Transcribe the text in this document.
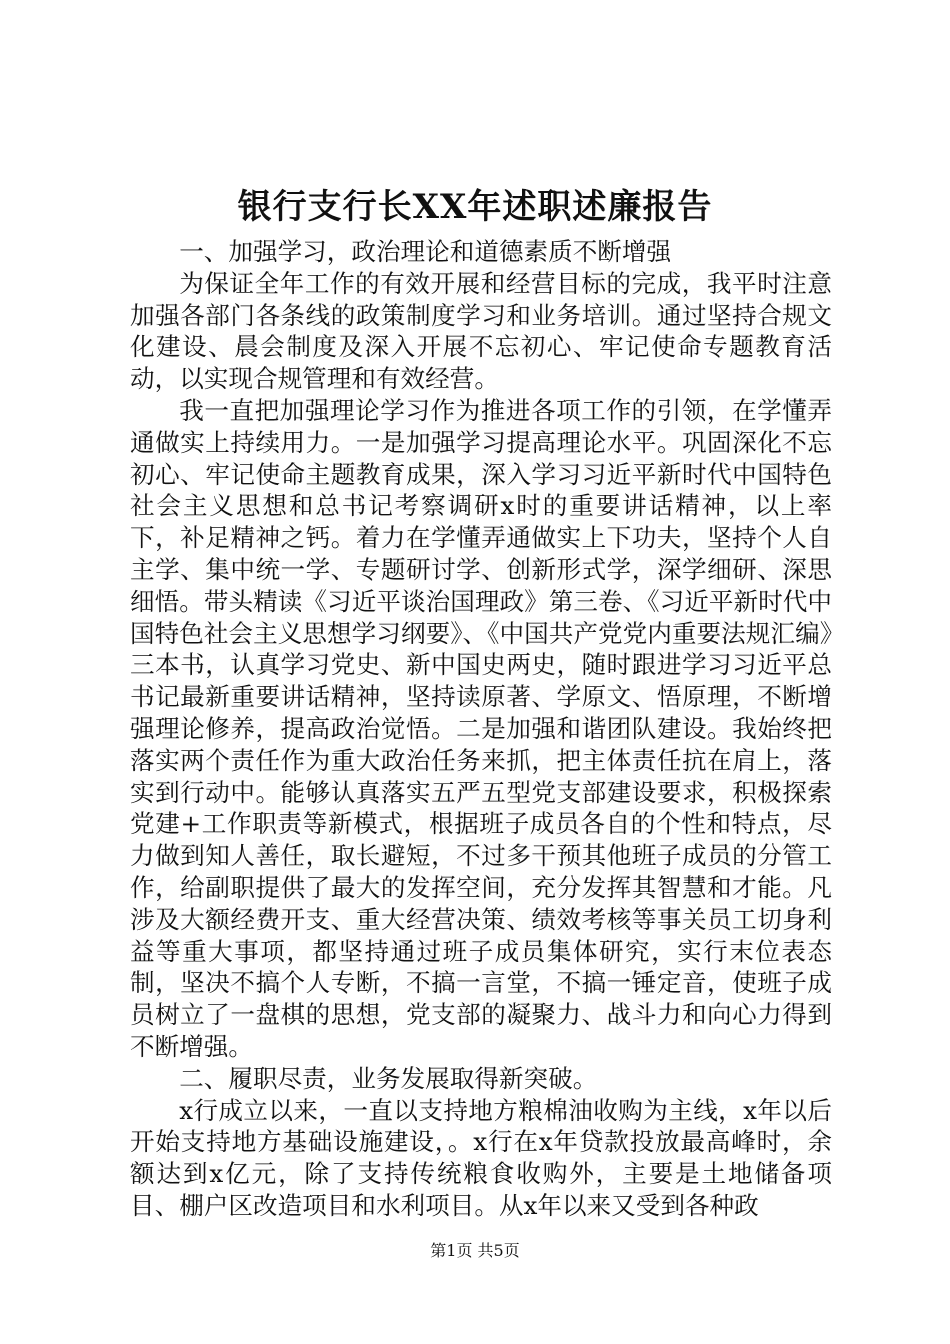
银行支行长XX年述职述廉报告

一、加强学习，政治理论和道德素质不断增强

为保证全年工作的有效开展和经营目标的完成，我平时注意加强各部门各条线的政策制度学习和业务培训。通过坚持合规文化建设、晨会制度及深入开展不忘初心、牢记使命专题教育活动，以实现合规管理和有效经营。

我一直把加强理论学习作为推进各项工作的引领，在学懂弄通做实上持续用力。一是加强学习提高理论水平。巩固深化不忘初心、牢记使命主题教育成果，深入学习习近平新时代中国特色社会主义思想和总书记考察调研x时的重要讲话精神，以上率下，补足精神之钙。着力在学懂弄通做实上下功夫，坚持个人自主学、集中统一学、专题研讨学、创新形式学，深学细研、深思细悟。带头精读《习近平谈治国理政》第三卷、《习近平新时代中国特色社会主义思想学习纲要》、《中国共产党党内重要法规汇编》三本书，认真学习党史、新中国史两史，随时跟进学习习近平总书记最新重要讲话精神，坚持读原著、学原文、悟原理，不断增强理论修养，提高政治觉悟。二是加强和谐团队建设。我始终把落实两个责任作为重大政治任务来抓，把主体责任抗在肩上，落实到行动中。能够认真落实五严五型党支部建设要求，积极探索党建+工作职责等新模式，根据班子成员各自的个性和特点，尽力做到知人善任，取长避短，不过多干预其他班子成员的分管工作，给副职提供了最大的发挥空间，充分发挥其智慧和才能。凡涉及大额经费开支、重大经营决策、绩效考核等事关员工切身利益等重大事项，都坚持通过班子成员集体研究，实行末位表态制，坚决不搞个人专断，不搞一言堂，不搞一锤定音，使班子成员树立了一盘棋的思想，党支部的凝聚力、战斗力和向心力得到不断增强。

二、履职尽责，业务发展取得新突破。

x行成立以来，一直以支持地方粮棉油收购为主线，x年以后开始支持地方基础设施建设，。x行在x年贷款投放最高峰时，余额达到x亿元，除了支持传统粮食收购外，主要是土地储备项目、棚户区改造项目和水利项目。从x年以来又受到各种政

第1页 共5页
